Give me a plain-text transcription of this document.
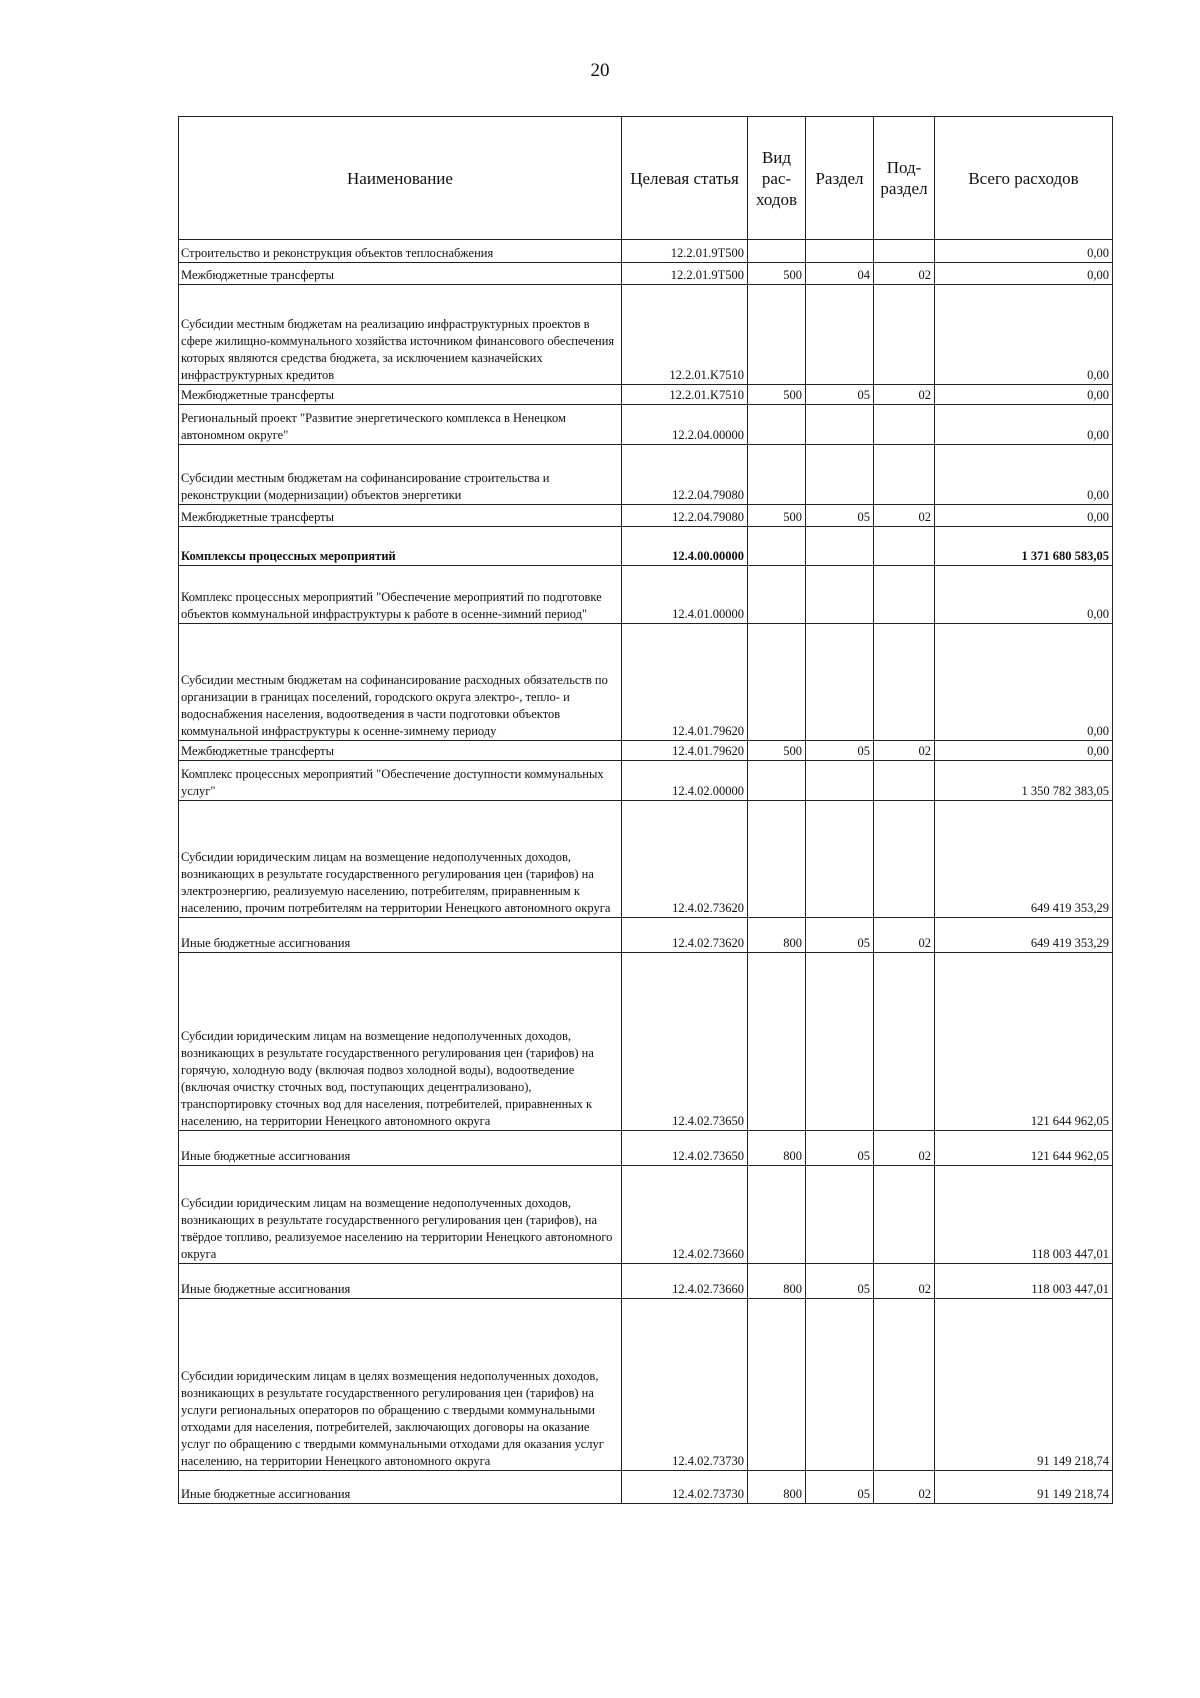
20
Наименование	Целевая статья	Вид рас-ходов	Раздел	Под-раздел	Всего расходов
Строительство и реконструкция объектов теплоснабжения	12.2.01.9Т500				0,00
Межбюджетные трансферты	12.2.01.9Т500	500	04	02	0,00
Субсидии местным бюджетам на реализацию инфраструктурных проектов в сфере жилищно-коммунального хозяйства источником финансового обеспечения которых являются средства бюджета, за исключением казначейских инфраструктурных кредитов	12.2.01.K7510				0,00
Межбюджетные трансферты	12.2.01.K7510	500	05	02	0,00
Региональный проект "Развитие энергетического комплекса в Ненецком автономном округе"	12.2.04.00000				0,00
Субсидии местным бюджетам на софинансирование строительства и реконструкции (модернизации) объектов энергетики	12.2.04.79080				0,00
Межбюджетные трансферты	12.2.04.79080	500	05	02	0,00
Комплексы процессных мероприятий	12.4.00.00000				1 371 680 583,05
Комплекс процессных мероприятий "Обеспечение мероприятий по подготовке объектов коммунальной инфраструктуры к работе в осенне-зимний период"	12.4.01.00000				0,00
Субсидии местным бюджетам на софинансирование расходных обязательств по организации в границах поселений, городского округа электро-, тепло- и водоснабжения населения, водоотведения в части подготовки объектов коммунальной инфраструктуры к осенне-зимнему периоду	12.4.01.79620				0,00
Межбюджетные трансферты	12.4.01.79620	500	05	02	0,00
Комплекс процессных мероприятий "Обеспечение доступности коммунальных услуг"	12.4.02.00000				1 350 782 383,05
Субсидии юридическим лицам на возмещение недополученных доходов, возникающих в результате государственного регулирования цен (тарифов) на электроэнергию, реализуемую населению, потребителям, приравненным к населению, прочим потребителям на территории Ненецкого автономного округа	12.4.02.73620				649 419 353,29
Иные бюджетные ассигнования	12.4.02.73620	800	05	02	649 419 353,29
Субсидии юридическим лицам на возмещение недополученных доходов, возникающих в результате государственного регулирования цен (тарифов) на горячую, холодную воду (включая подвоз холодной воды), водоотведение (включая очистку сточных вод, поступающих децентрализовано), транспортировку сточных вод для населения, потребителей, приравненных к населению, на территории Ненецкого автономного округа	12.4.02.73650				121 644 962,05
Иные бюджетные ассигнования	12.4.02.73650	800	05	02	121 644 962,05
Субсидии юридическим лицам на возмещение недополученных доходов, возникающих в результате государственного регулирования цен (тарифов), на твёрдое топливо, реализуемое населению на территории Ненецкого автономного округа	12.4.02.73660				118 003 447,01
Иные бюджетные ассигнования	12.4.02.73660	800	05	02	118 003 447,01
Субсидии юридическим лицам в целях возмещения недополученных доходов, возникающих в результате государственного регулирования цен (тарифов) на услуги региональных операторов по обращению с твердыми коммунальными отходами для населения, потребителей, заключающих договоры на оказание услуг по обращению с твердыми коммунальными отходами для оказания услуг населению, на территории Ненецкого автономного округа	12.4.02.73730				91 149 218,74
Иные бюджетные ассигнования	12.4.02.73730	800	05	02	91 149 218,74
